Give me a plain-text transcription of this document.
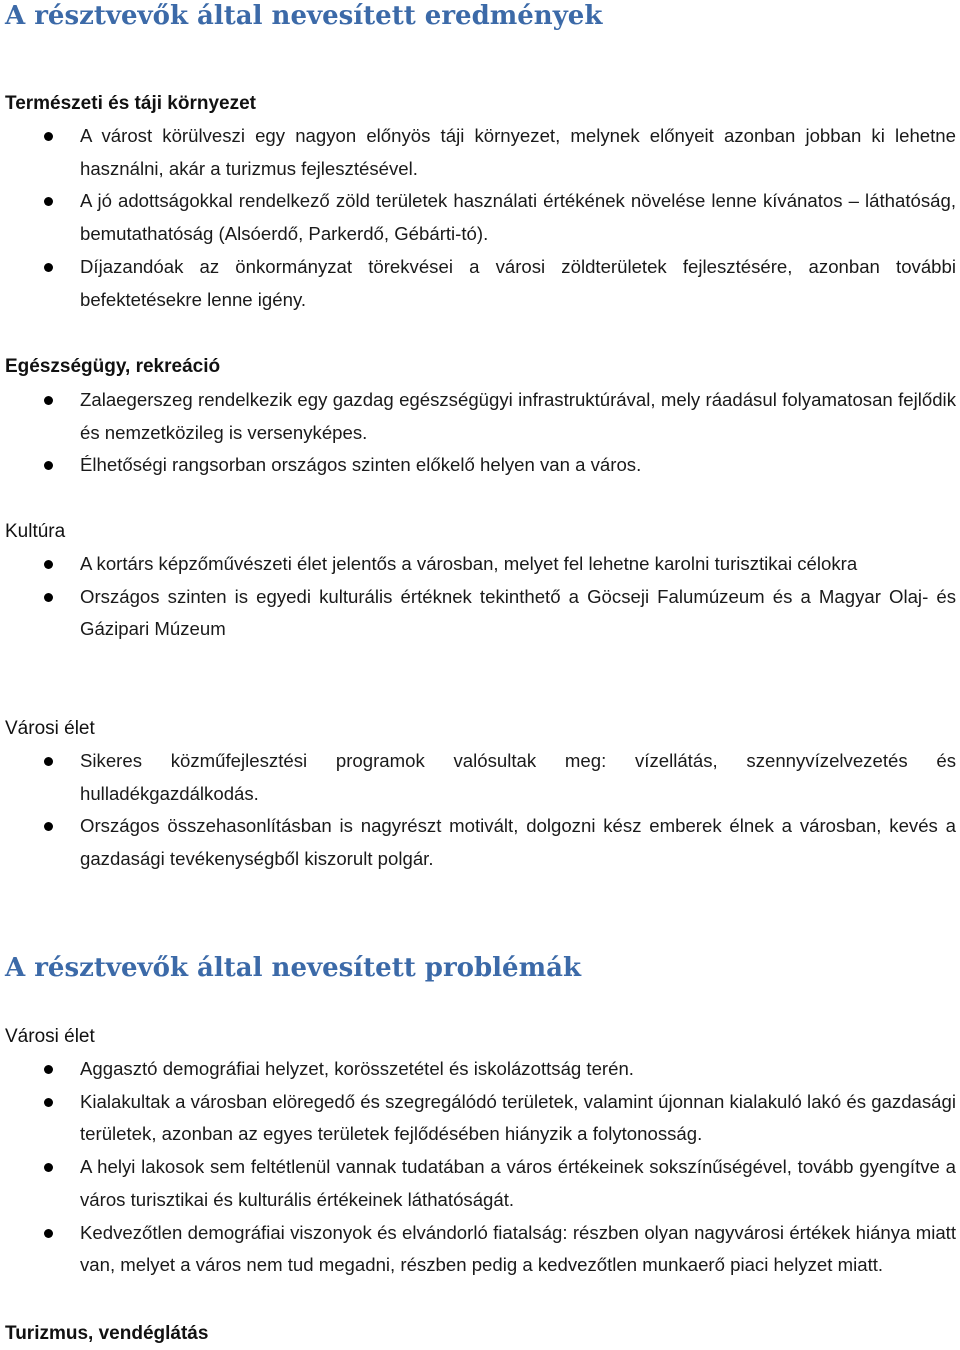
A résztvevők által nevesített eredmények
Természeti és táji környezet
A várost körülveszi egy nagyon előnyös táji környezet, melynek előnyeit azonban jobban ki lehetne használni, akár a turizmus fejlesztésével.
A jó adottságokkal rendelkező zöld területek használati értékének növelése lenne kívánatos – láthatóság, bemutathatóság (Alsóerdő, Parkerdő, Gébárti-tó).
Díjazandóak az önkormányzat törekvései a városi zöldterületek fejlesztésére, azonban további befektetésekre lenne igény.
Egészségügy, rekreáció
Zalaegerszeg rendelkezik egy gazdag egészségügyi infrastruktúrával, mely ráadásul folyamatosan fejlődik és nemzetközileg is versenyképes.
Élhetőségi rangsorban országos szinten előkelő helyen van a város.
Kultúra
A kortárs képzőművészeti élet jelentős a városban, melyet fel lehetne karolni turisztikai célokra
Országos szinten is egyedi kulturális értéknek tekinthető a Göcseji Falumúzeum és a Magyar Olaj- és Gázipari Múzeum
Városi élet
Sikeres közműfejlesztési programok valósultak meg: vízellátás, szennyvízelvezetés és hulladékgazdálkodás.
Országos összehasonlításban is nagyrészt motivált, dolgozni kész emberek élnek a városban, kevés a gazdasági tevékenységből kiszorult polgár.
A résztvevők által nevesített problémák
Városi élet
Aggasztó demográfiai helyzet, korösszetétel és iskolázottság terén.
Kialakultak a városban elöregedő és szegregálódó területek, valamint újonnan kialakuló lakó és gazdasági területek, azonban az egyes területek fejlődésében hiányzik a folytonosság.
A helyi lakosok sem feltétlenül vannak tudatában a város értékeinek sokszínűségével, tovább gyengítve a város turisztikai és kulturális értékeinek láthatóságát.
Kedvezőtlen demográfiai viszonyok és elvándorló fiatalság: részben olyan nagyvárosi értékek hiánya miatt van, melyet a város nem tud megadni, részben pedig a kedvezőtlen munkaerő piaci helyzet miatt.
Turizmus, vendéglátás
